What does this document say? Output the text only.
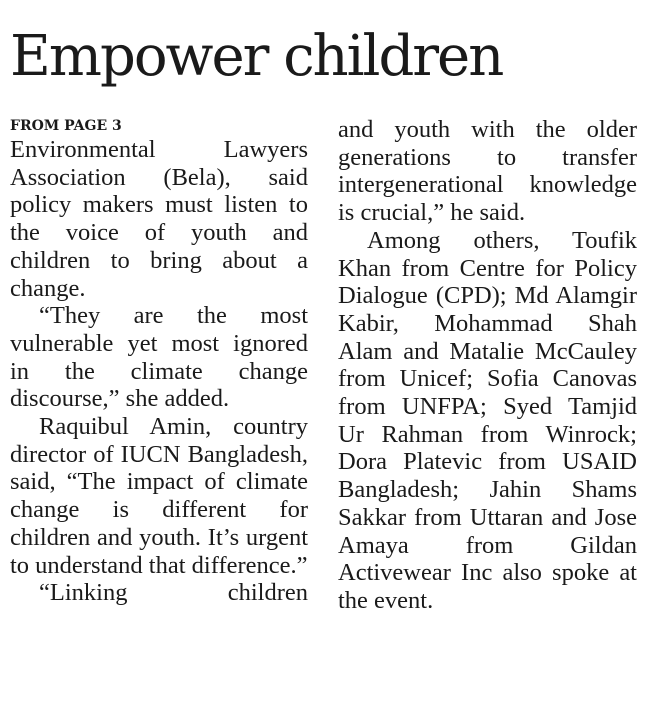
Empower children
FROM PAGE 3

Environmental Lawyers Association (Bela), said policy makers must listen to the voice of youth and children to bring about a change.

“They are the most vulnerable yet most ignored in the climate change discourse,” she added.

Raquibul Amin, country director of IUCN Bangladesh, said, “The impact of climate change is different for children and youth. It’s urgent to understand that difference.”

“Linking children

and youth with the older generations to transfer intergenerational knowledge is crucial,” he said.

Among others, Toufik Khan from Centre for Policy Dialogue (CPD); Md Alamgir Kabir, Mohammad Shah Alam and Matalie McCauley from Unicef; Sofia Canovas from UNFPA; Syed Tamjid Ur Rahman from Winrock; Dora Platevic from USAID Bangladesh; Jahin Shams Sakkar from Uttaran and Jose Amaya from Gildan Activewear Inc also spoke at the event.
